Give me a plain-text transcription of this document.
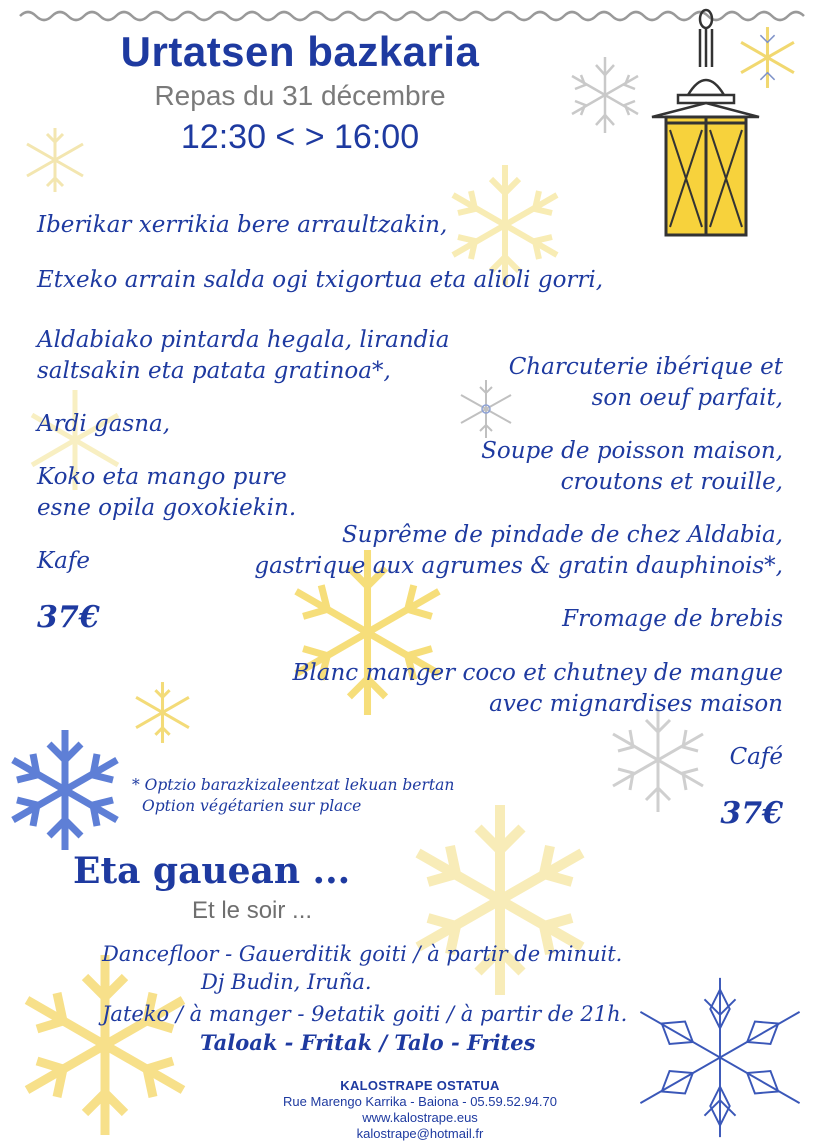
Urtatsen bazkaria
Repas du 31 décembre
12:30 < > 16:00
Iberikar xerrikia bere arraultzakin,
Etxeko arrain salda ogi txigortua eta alioli gorri,
Aldabiako pintarda hegala, lirandia
saltsakin eta patata gratinoa*,
Ardi gasna,
Koko eta mango pure
esne opila goxokiekin.
Kafe
37€
Charcuterie ibérique et
son oeuf parfait,
Soupe de poisson maison,
croutons et rouille,
Suprême de pindade de chez Aldabia,
gastrique aux agrumes & gratin dauphinois*,
Fromage de brebis
Blanc manger coco et chutney de mangue
avec mignardises maison
Café
37€
* Optzio barazkizaleentzat lekuan bertan
Option végétarien sur place
Eta gauean ...
Et le soir ...
Dancefloor - Gauerditik goiti / à partir de minuit.
Dj Budin, Iruña.
Jateko / à manger - 9etatik goiti / à partir de 21h.
Taloak - Fritak / Talo - Frites
KALOSTRAPE OSTATUA
Rue Marengo Karrika - Baiona - 05.59.52.94.70
www.kalostrape.eus
kalostrape@hotmail.fr
